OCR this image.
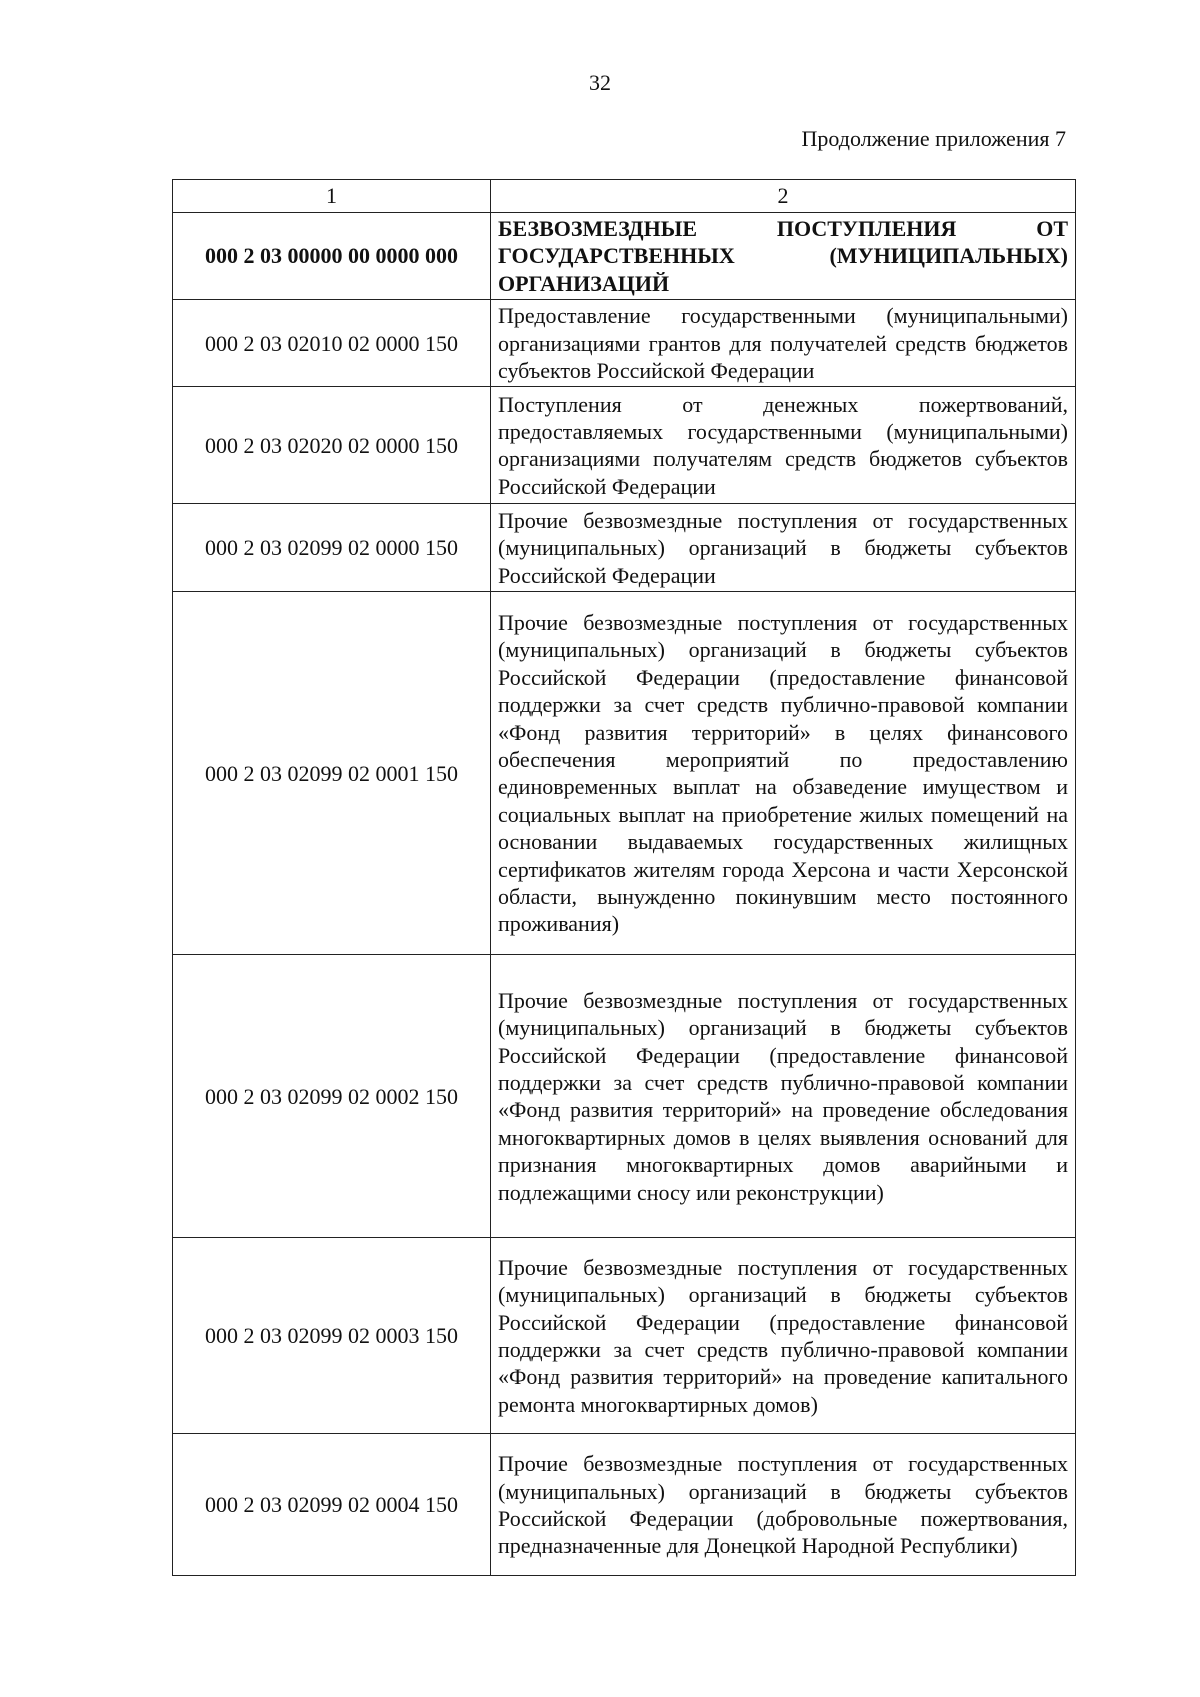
32
Продолжение приложения 7
1	2
000 2 03 00000 00 0000 000	БЕЗВОЗМЕЗДНЫЕ ПОСТУПЛЕНИЯ ОТ ГОСУДАРСТВЕННЫХ (МУНИЦИПАЛЬНЫХ) ОРГАНИЗАЦИЙ
000 2 03 02010 02 0000 150	Предоставление государственными (муниципальными) организациями грантов для получателей средств бюджетов субъектов Российской Федерации
000 2 03 02020 02 0000 150	Поступления от денежных пожертвований, предоставляемых государственными (муниципальными) организациями получателям средств бюджетов субъектов Российской Федерации
000 2 03 02099 02 0000 150	Прочие безвозмездные поступления от государственных (муниципальных) организаций в бюджеты субъектов Российской Федерации
000 2 03 02099 02 0001 150	Прочие безвозмездные поступления от государственных (муниципальных) организаций в бюджеты субъектов Российской Федерации (предоставление финансовой поддержки за счет средств публично-правовой компании «Фонд развития территорий» в целях финансового обеспечения мероприятий по предоставлению единовременных выплат на обзаведение имуществом и социальных выплат на приобретение жилых помещений на основании выдаваемых государственных жилищных сертификатов жителям города Херсона и части Херсонской области, вынужденно покинувшим место постоянного проживания)
000 2 03 02099 02 0002 150	Прочие безвозмездные поступления от государственных (муниципальных) организаций в бюджеты субъектов Российской Федерации (предоставление финансовой поддержки за счет средств публично-правовой компании «Фонд развития территорий» на проведение обследования многоквартирных домов в целях выявления оснований для признания многоквартирных домов аварийными и подлежащими сносу или реконструкции)
000 2 03 02099 02 0003 150	Прочие безвозмездные поступления от государственных (муниципальных) организаций в бюджеты субъектов Российской Федерации (предоставление финансовой поддержки за счет средств публично-правовой компании «Фонд развития территорий» на проведение капитального ремонта многоквартирных домов)
000 2 03 02099 02 0004 150	Прочие безвозмездные поступления от государственных (муниципальных) организаций в бюджеты субъектов Российской Федерации (добровольные пожертвования, предназначенные для Донецкой Народной Республики)
